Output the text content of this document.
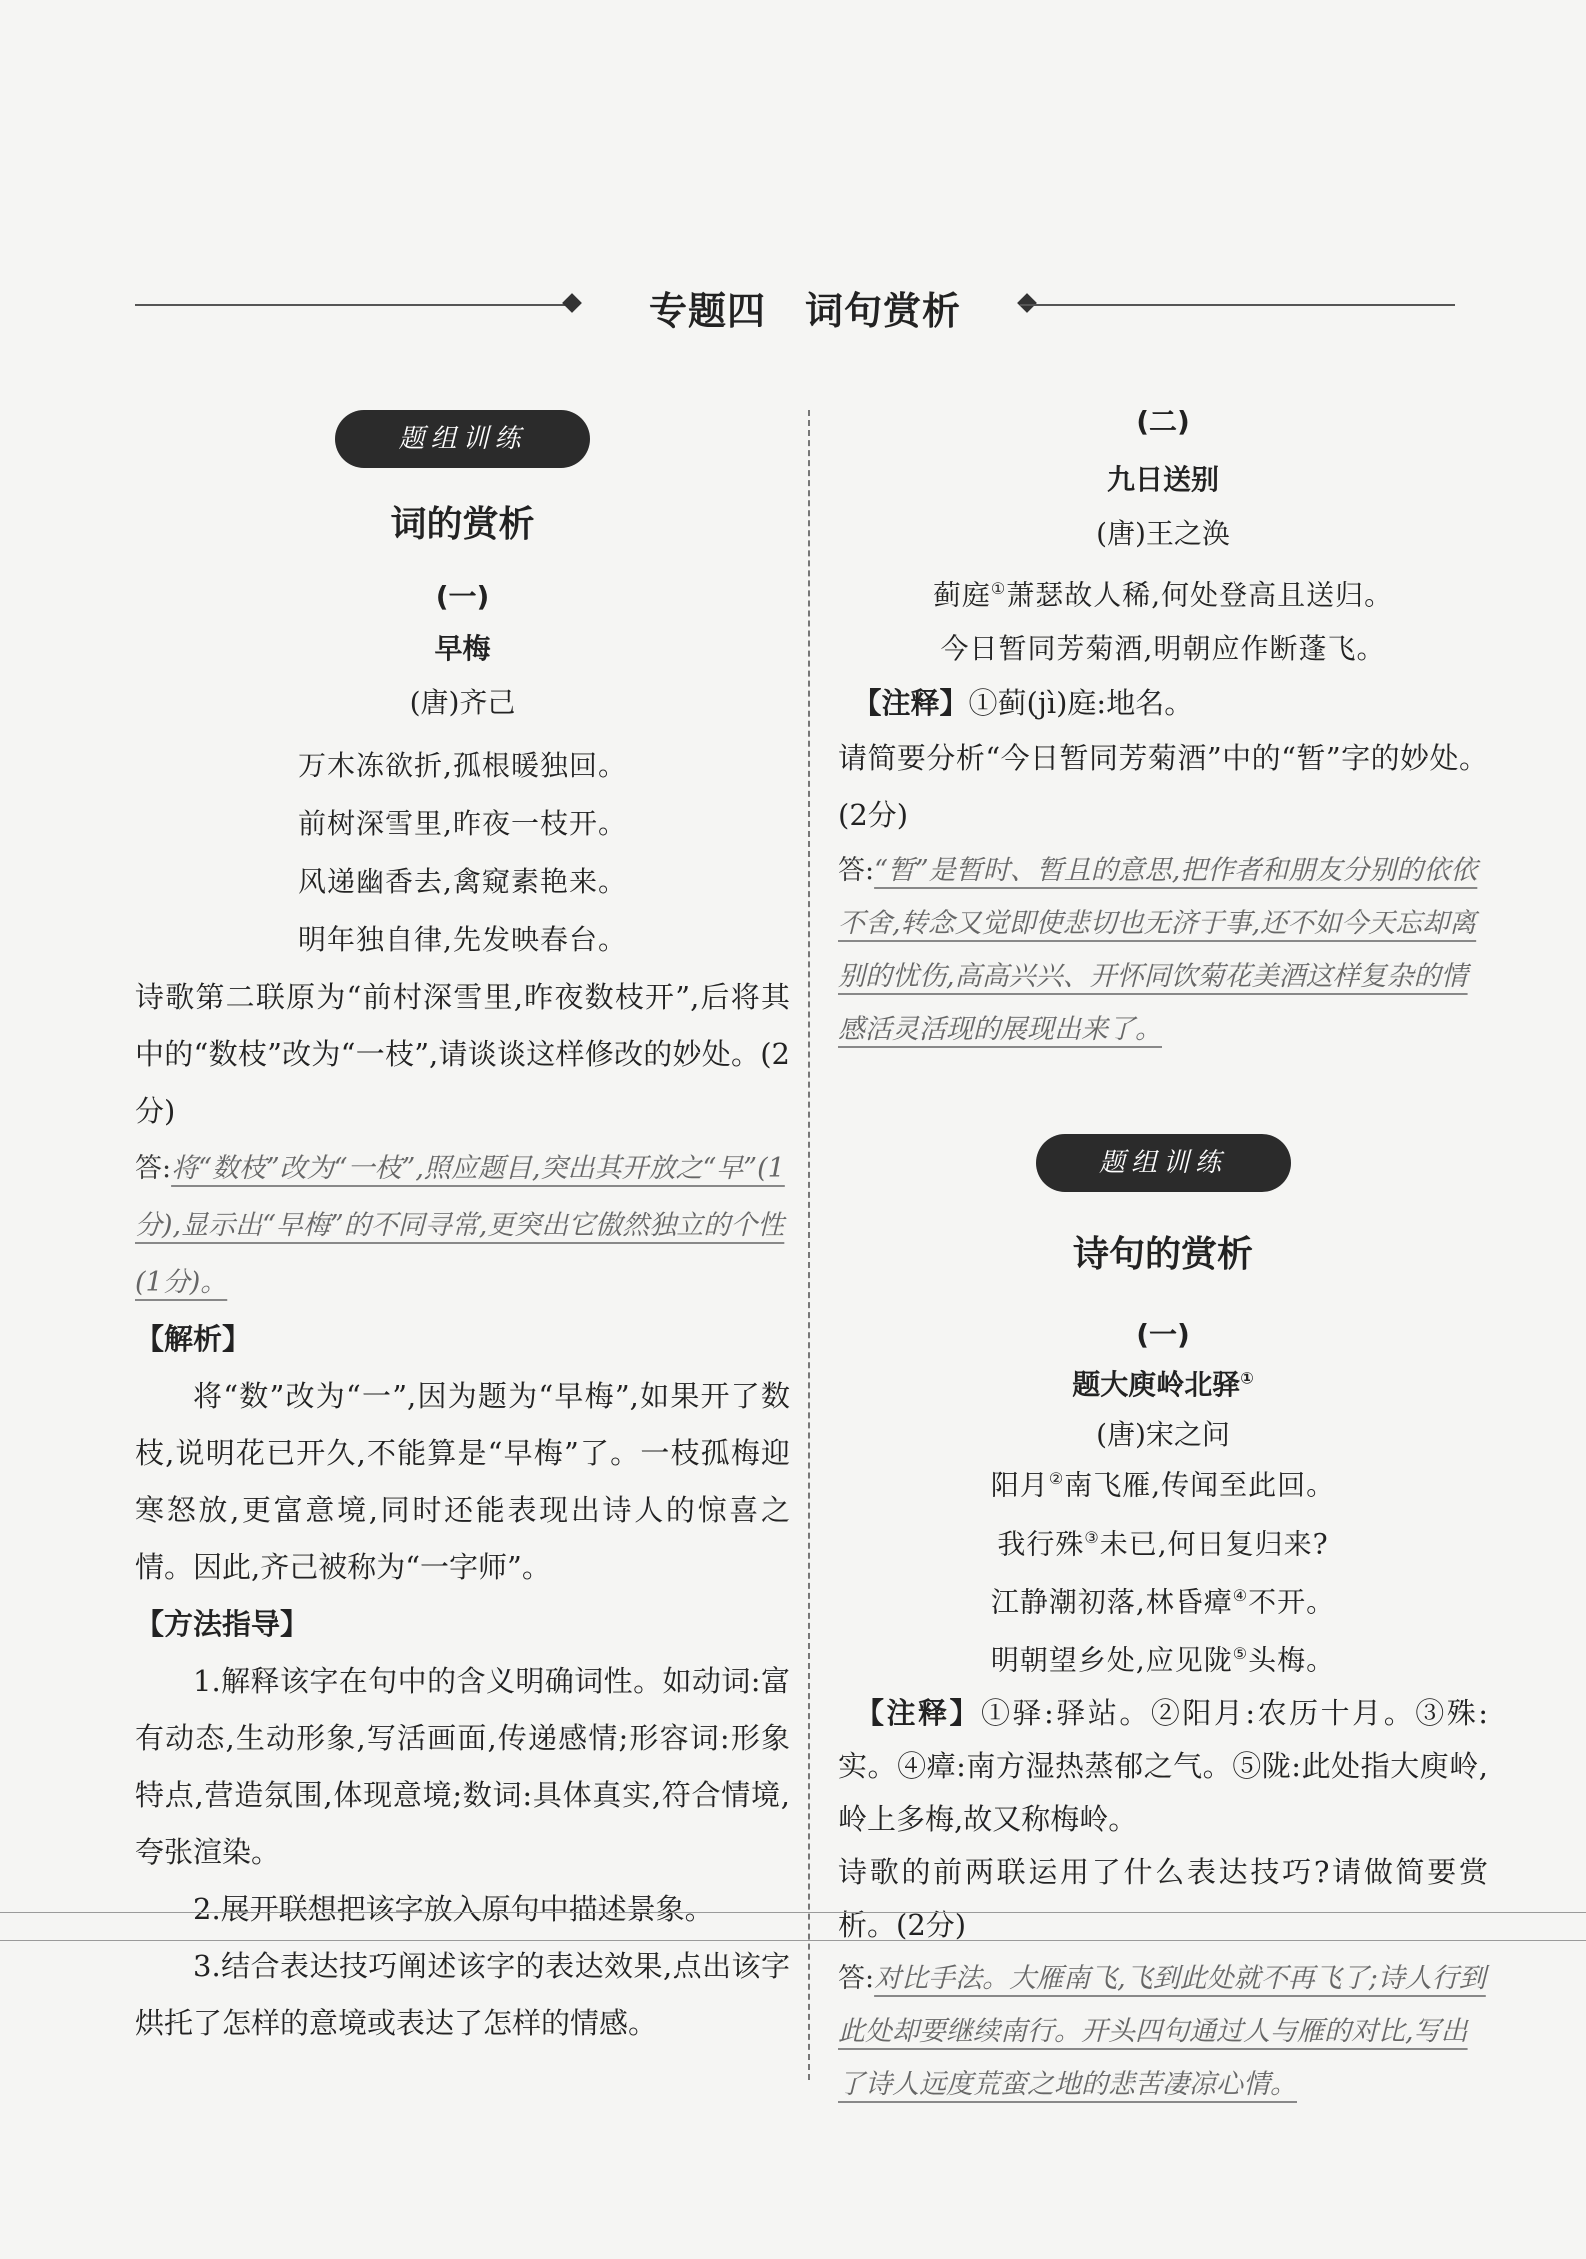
专题四　词句赏析
题组训练

词的赏析

(一)

早梅

(唐)齐己

万木冻欲折,孤根暖独回。

前树深雪里,昨夜一枝开。

风递幽香去,禽窥素艳来。

明年独自律,先发映春台。

诗歌第二联原为“前村深雪里,昨夜数枝开”,后将其中的“数枝”改为“一枝”,请谈谈这样修改的妙处。(2分)

答:将“数枝”改为“一枝”,照应题目,突出其开放之“早”(1分),显示出“早梅”的不同寻常,更突出它傲然独立的个性(1分)。

【解析】

将“数”改为“一”,因为题为“早梅”,如果开了数枝,说明花已开久,不能算是“早梅”了。一枝孤梅迎寒怒放,更富意境,同时还能表现出诗人的惊喜之情。因此,齐己被称为“一字师”。

【方法指导】

1.解释该字在句中的含义明确词性。如动词:富有动态,生动形象,写活画面,传递感情;形容词:形象特点,营造氛围,体现意境;数词:具体真实,符合情境,夸张渲染。

2.展开联想把该字放入原句中描述景象。

3.结合表达技巧阐述该字的表达效果,点出该字烘托了怎样的意境或表达了怎样的情感。

(二)

九日送别

(唐)王之涣

蓟庭①萧瑟故人稀,何处登高且送归。

今日暂同芳菊酒,明朝应作断蓬飞。

　【注释】①蓟(jì)庭:地名。

请简要分析“今日暂同芳菊酒”中的“暂”字的妙处。(2分)

答:“暂”是暂时、暂且的意思,把作者和朋友分别的依依不舍,转念又觉即使悲切也无济于事,还不如今天忘却离别的忧伤,高高兴兴、开怀同饮菊花美酒这样复杂的情感活灵活现的展现出来了。

题组训练

诗句的赏析

(一)

题大庾岭北驿①

(唐)宋之问

阳月②南飞雁,传闻至此回。

我行殊③未已,何日复归来?

江静潮初落,林昏瘴④不开。

明朝望乡处,应见陇⑤头梅。

　【注释】①驿:驿站。②阳月:农历十月。③殊:实。④瘴:南方湿热蒸郁之气。⑤陇:此处指大庾岭,岭上多梅,故又称梅岭。

诗歌的前两联运用了什么表达技巧?请做简要赏析。(2分)

答:对比手法。大雁南飞,飞到此处就不再飞了;诗人行到此处却要继续南行。开头四句通过人与雁的对比,写出了诗人远度荒蛮之地的悲苦凄凉心情。
